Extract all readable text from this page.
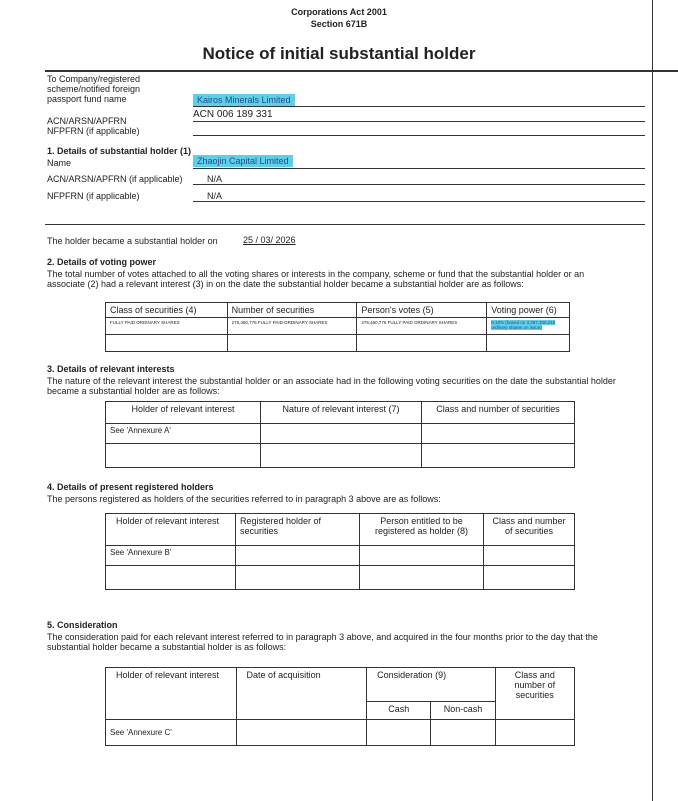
Corporations Act 2001
Section 671B
Notice of initial substantial holder
To Company/registered scheme/notified foreign passport fund name	Kairos Minerals Limited
ACN 006 189 331
ACN/ARSN/APFRN
NFPFRN (if applicable)
1. Details of substantial holder (1)
Name	Zhaojin Capital Limited
ACN/ARSN/APFRN (if applicable)	N/A
NFPFRN (if applicable)	N/A
The holder became a substantial holder on	25 / 03/ 2026
2. Details of voting power
The total number of votes attached to all the voting shares or interests in the company, scheme or fund that the substantial holder or an associate (2) had a relevant interest (3) in on the date the substantial holder became a substantial holder are as follows:
Class of securities (4)	Number of securities	Person's votes (5)	Voting power (6)
FULLY PAID ORDINARY SHARES	275,460,776 FULLY PAID ORDINARY SHARES	275,460,776 FULLY PAID ORDINARY SHARES	8.18% (based on 3,367,300,218 ordinary shares on issue)

3. Details of relevant interests
The nature of the relevant interest the substantial holder or an associate had in the following voting securities on the date the substantial holder became a substantial holder are as follows:
Holder of relevant interest	Nature of relevant interest (7)	Class and number of securities
See 'Annexure A'		

4. Details of present registered holders
The persons registered as holders of the securities referred to in paragraph 3 above are as follows:
Holder of relevant interest	Registered holder of securities	Person entitled to be registered as holder (8)	Class and number of securities
See 'Annexure B'			

5. Consideration
The consideration paid for each relevant interest referred to in paragraph 3 above, and acquired in the four months prior to the day that the substantial holder became a substantial holder is as follows:
Holder of relevant interest	Date of acquisition	Consideration (9)		Class and number of securities
		Cash	Non-cash	
See 'Annexure C'				
